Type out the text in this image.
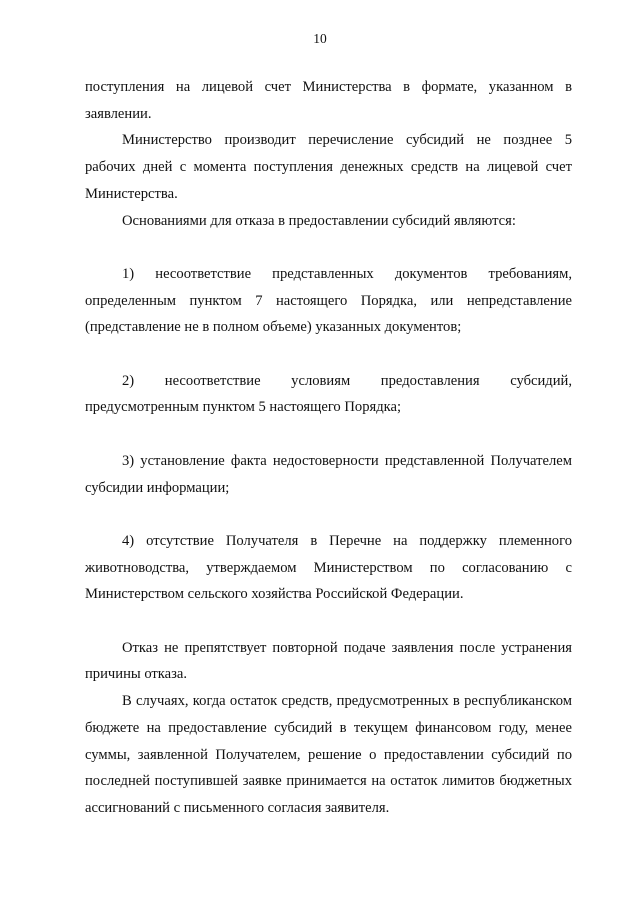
10

поступления на лицевой счет Министерства в формате, указанном в заявлении.

Министерство производит перечисление субсидий не позднее 5 рабочих дней с момента поступления денежных средств на лицевой счет Министерства.

Основаниями для отказа в предоставлении субсидий являются:

1) несоответствие представленных документов требованиям, определенным пунктом 7 настоящего Порядка, или непредставление (представление не в полном объеме) указанных документов;

2) несоответствие условиям предоставления субсидий, предусмотренным пунктом 5 настоящего Порядка;

3) установление факта недостоверности представленной Получателем субсидии информации;

4) отсутствие Получателя в Перечне на поддержку племенного животноводства, утверждаемом Министерством по согласованию с Министерством сельского хозяйства Российской Федерации.

Отказ не препятствует повторной подаче заявления после устранения причины отказа.

В случаях, когда остаток средств, предусмотренных в республиканском бюджете на предоставление субсидий в текущем финансовом году, менее суммы, заявленной Получателем, решение о предоставлении субсидий по последней поступившей заявке принимается на остаток лимитов бюджетных ассигнований с письменного согласия заявителя.
